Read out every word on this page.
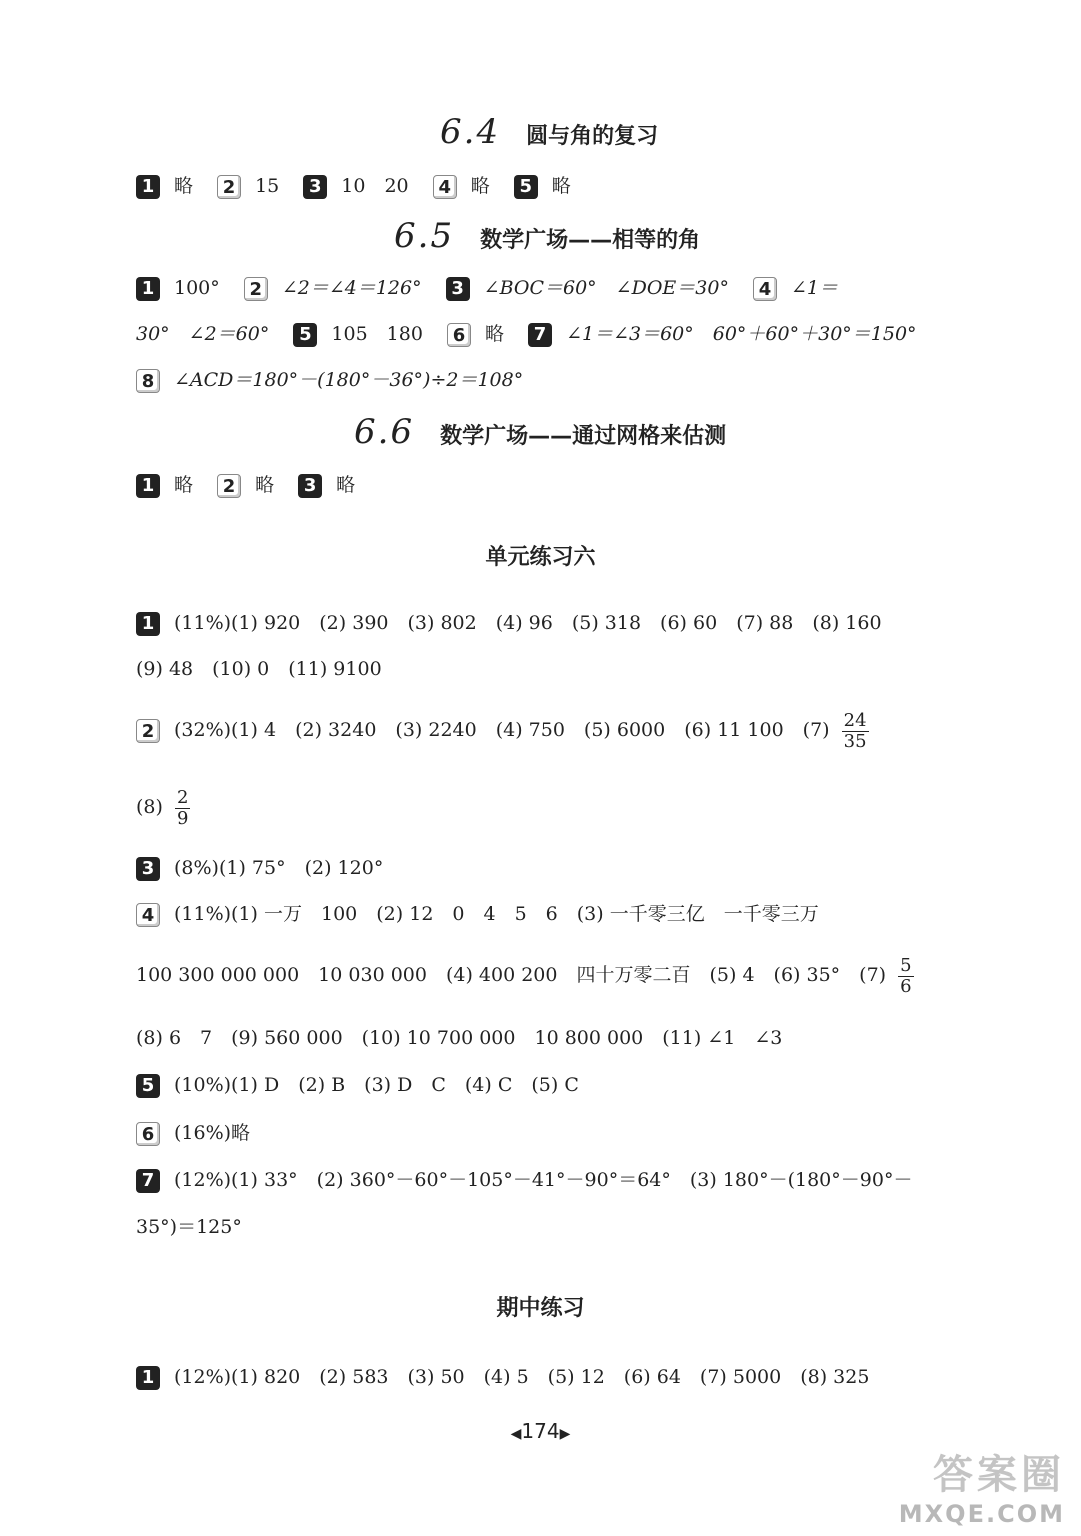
6.4 圆与角的复习
1 略 2 15 3 10　20 4 略 5 略
6.5 数学广场——相等的角
1 100° 2 ∠2＝∠4＝126° 3 ∠BOC＝60°　∠DOE＝30° 4 ∠1＝
30°　∠2＝60° 5 105　180 6 略 7 ∠1＝∠3＝60°　60°＋60°＋30°＝150°
8 ∠ACD＝180°－(180°－36°)÷2＝108°
6.6 数学广场——通过网格来估测
1 略 2 略 3 略
单元练习六
1 (11%)(1) 920　(2) 390　(3) 802　(4) 96　(5) 318　(6) 60　(7) 88　(8) 160
(9) 48　(10) 0　(11) 9100
2 (32%)(1) 4　(2) 3240　(3) 2240　(4) 750　(5) 6000　(6) 11 100　$(7) \frac{24}{35}$
$(8) \frac{2}{9}$
3 (8%)(1) 75°　(2) 120°
4 (11%)(1) 一万　100　(2) 12　0　4　5　6　(3) 一千零三亿　一千零三万
100 300 000 000　10 030 000　(4) 400 200　四十万零二百　(5) 4　(6) 35°　$(7) \frac{5}{6}$
(8) 6　7　(9) 560 000　(10) 10 700 000　10 800 000　(11) ∠1　∠3
5 (10%)(1) D　(2) B　(3) D　C　(4) C　(5) C
6 (16%)略
7 (12%)(1) 33°　(2) 360°－60°－105°－41°－90°＝64°　(3) 180°－(180°－90°－
35°)＝125°
期中练习
1 (12%)(1) 820　(2) 583　(3) 50　(4) 5　(5) 12　(6) 64　(7) 5000　(8) 325
◀174▶
答案圈
MXQE.COM
